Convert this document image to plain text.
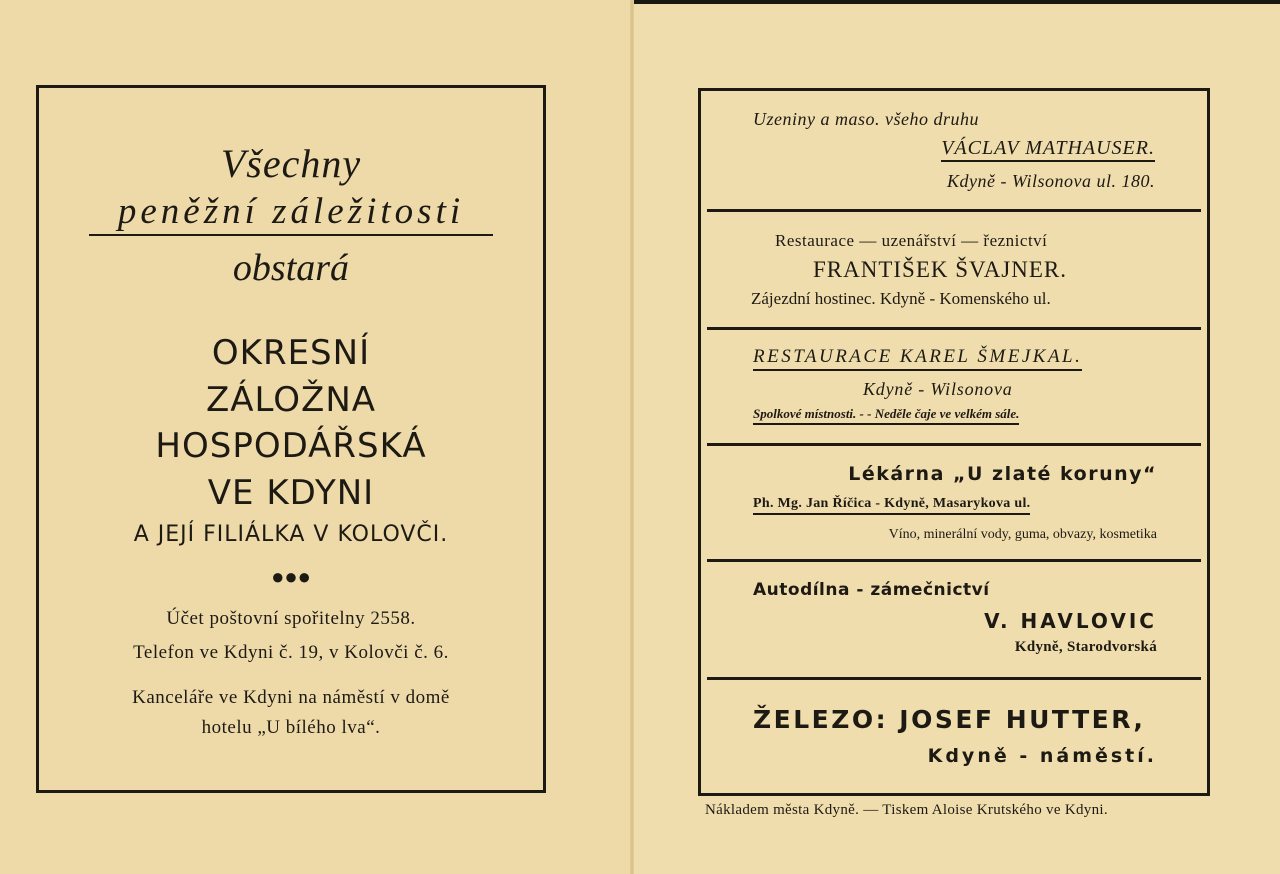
Všechny
peněžní záležitosti
obstará
OKRESNÍ
ZÁLOŽNA
HOSPODÁŘSKÁ
VE KDYNI
A JEJÍ FILIÁLKA V KOLOVČI.
●●●
Účet poštovní spořitelny 2558.
Telefon ve Kdyni č. 19, v Kolovči č. 6.
Kanceláře ve Kdyni na náměstí v domě
hotelu „U bílého lva“.
Uzeniny a maso. všeho druhu
VÁCLAV MATHAUSER.
Kdyně - Wilsonova ul. 180.
Restaurace — uzenářství — řeznictví
FRANTIŠEK ŠVAJNER.
Zájezdní hostinec. Kdyně - Komenského ul.
RESTAURACE KAREL ŠMEJKAL.
Kdyně - Wilsonova
Spolkové místnosti. - - Neděle čaje ve velkém sále.
Lékárna „U zlaté koruny“
Ph. Mg. Jan Říčica - Kdyně, Masarykova ul.
Víno, minerální vody, guma, obvazy, kosmetika
Autodílna - zámečnictví
V. HAVLOVIC
Kdyně, Starodvorská
ŽELEZO: JOSEF HUTTER,
Kdyně - náměstí.
Nákladem města Kdyně. — Tiskem Aloise Krutského ve Kdyni.
